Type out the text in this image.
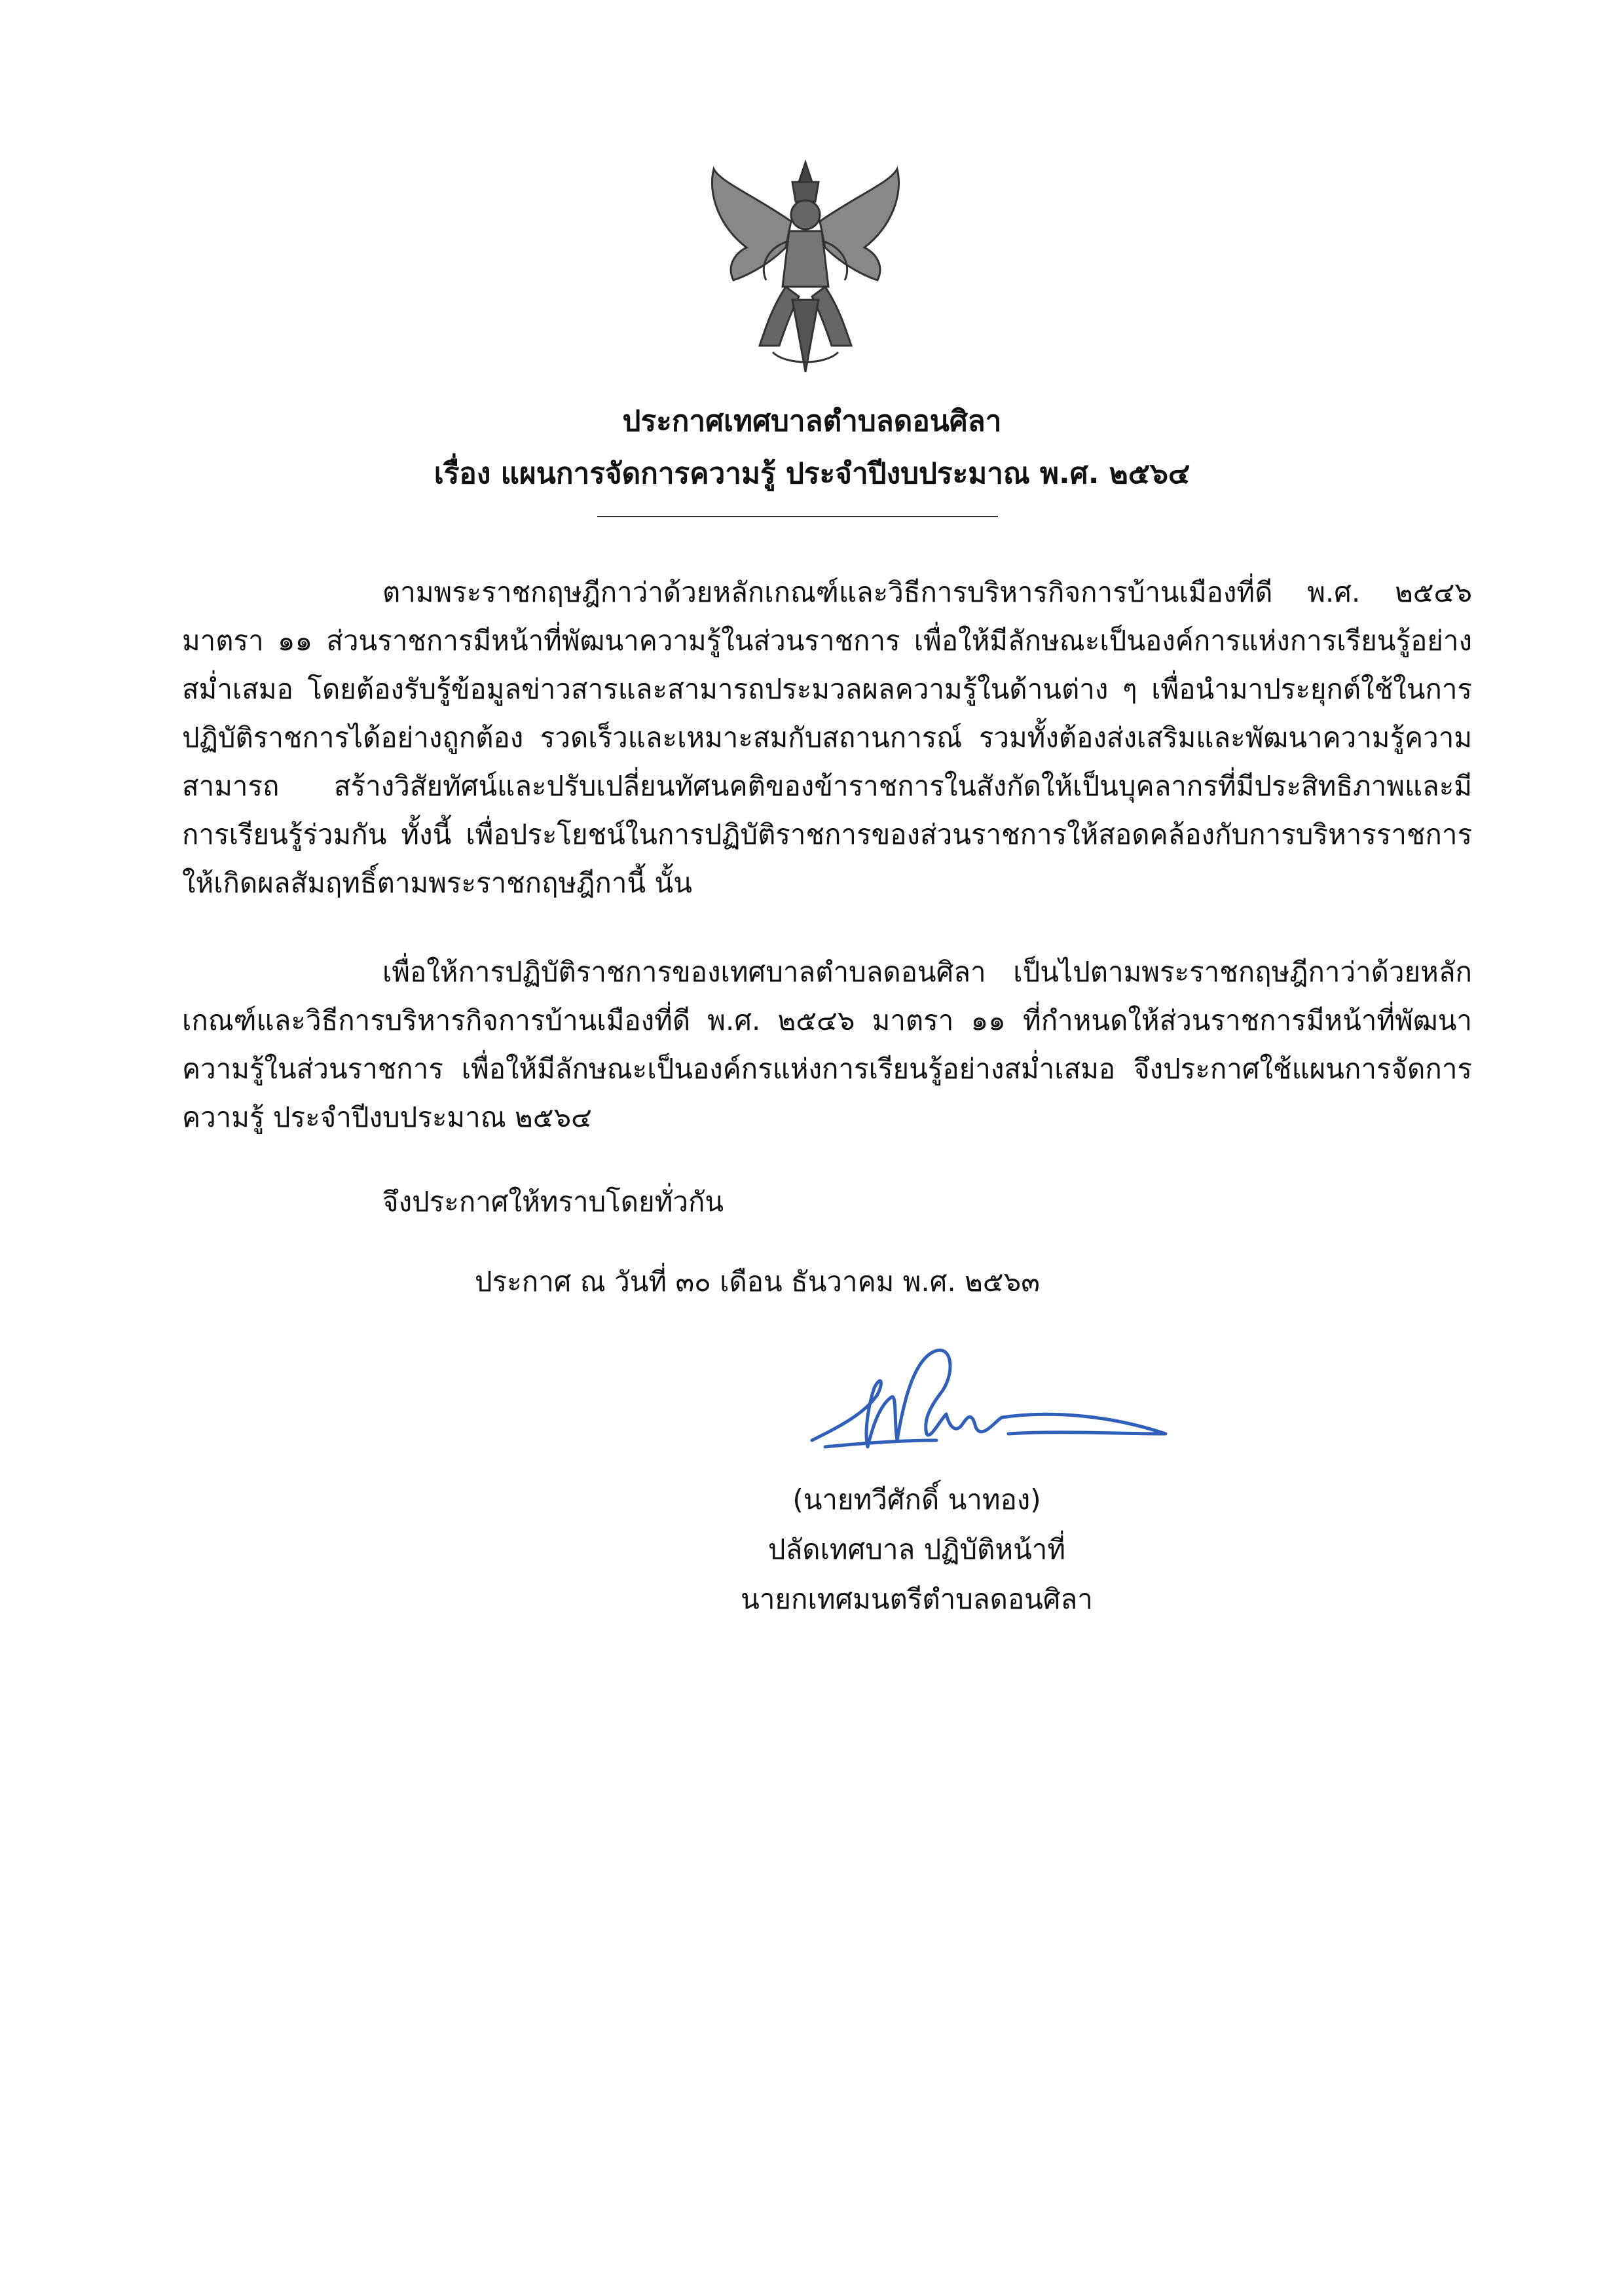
ประกาศเทศบาลตำบลดอนศิลา
เรื่อง แผนการจัดการความรู้ ประจำปีงบประมาณ พ.ศ. ๒๕๖๔

ตามพระราชกฤษฎีกาว่าด้วยหลักเกณฑ์และวิธีการบริหารกิจการบ้านเมืองที่ดี พ.ศ. ๒๕๔๖ มาตรา ๑๑ ส่วนราชการมีหน้าที่พัฒนาความรู้ในส่วนราชการ เพื่อให้มีลักษณะเป็นองค์การแห่งการเรียนรู้อย่างสม่ำเสมอ โดยต้องรับรู้ข้อมูลข่าวสารและสามารถประมวลผลความรู้ในด้านต่าง ๆ เพื่อนำมาประยุกต์ใช้ในการปฏิบัติราชการได้อย่างถูกต้อง รวดเร็วและเหมาะสมกับสถานการณ์ รวมทั้งต้องส่งเสริมและพัฒนาความรู้ความสามารถ สร้างวิสัยทัศน์และปรับเปลี่ยนทัศนคติของข้าราชการในสังกัดให้เป็นบุคลากรที่มีประสิทธิภาพและมีการเรียนรู้ร่วมกัน ทั้งนี้ เพื่อประโยชน์ในการปฏิบัติราชการของส่วนราชการให้สอดคล้องกับการบริหารราชการให้เกิดผลสัมฤทธิ์ตามพระราชกฤษฎีกานี้ นั้น

เพื่อให้การปฏิบัติราชการของเทศบาลตำบลดอนศิลา เป็นไปตามพระราชกฤษฎีกาว่าด้วยหลักเกณฑ์และวิธีการบริหารกิจการบ้านเมืองที่ดี พ.ศ. ๒๕๔๖ มาตรา ๑๑ ที่กำหนดให้ส่วนราชการมีหน้าที่พัฒนาความรู้ในส่วนราชการ เพื่อให้มีลักษณะเป็นองค์กรแห่งการเรียนรู้อย่างสม่ำเสมอ จึงประกาศใช้แผนการจัดการความรู้ ประจำปีงบประมาณ ๒๕๖๔

จึงประกาศให้ทราบโดยทั่วกัน
ประกาศ ณ วันที่ ๓๐ เดือน ธันวาคม พ.ศ. ๒๕๖๓
(นายทวีศักดิ์ นาทอง)
ปลัดเทศบาล ปฏิบัติหน้าที่
นายกเทศมนตรีตำบลดอนศิลา
